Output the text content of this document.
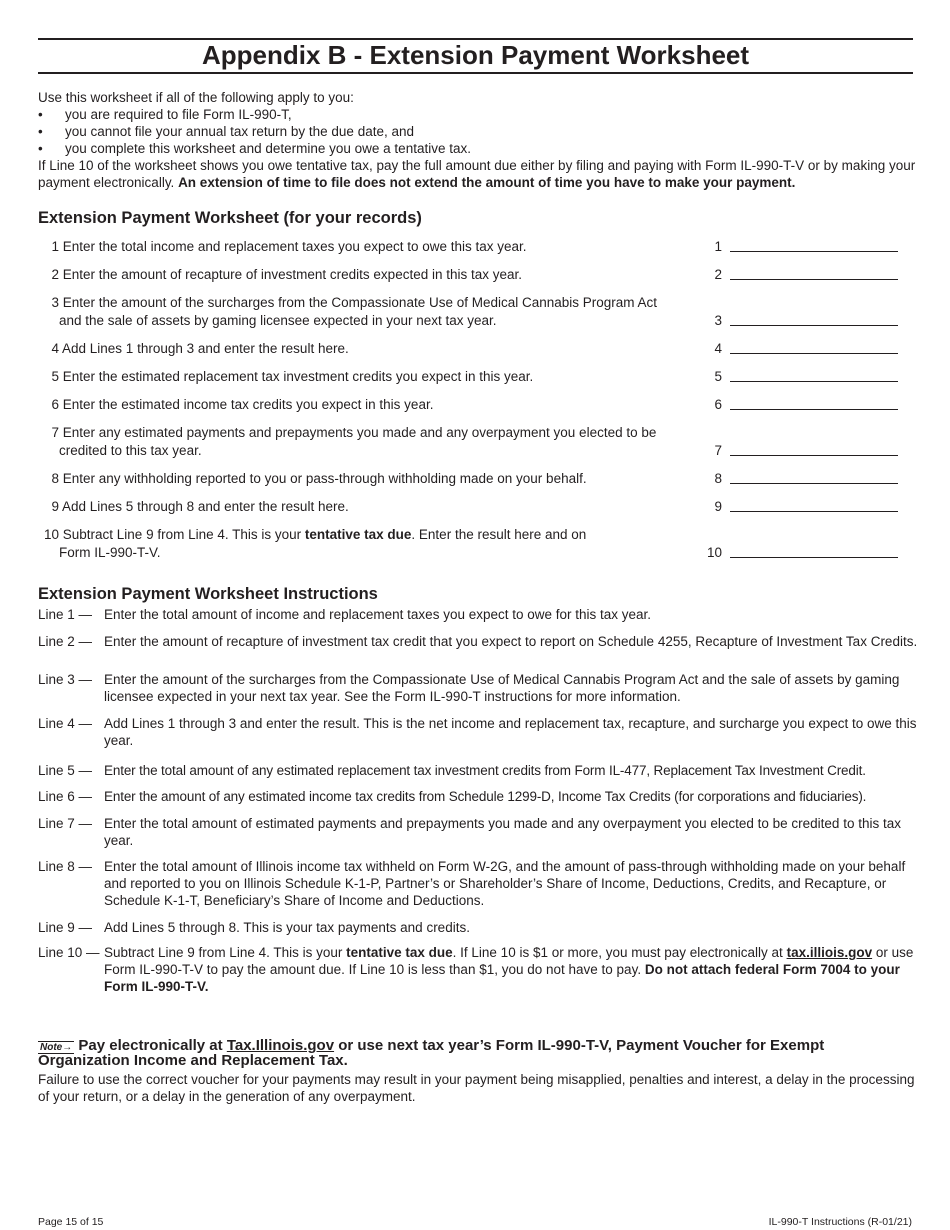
Appendix B - Extension Payment Worksheet

Use this worksheet if all of the following apply to you:

•	you are required to file Form IL-990-T,
•	you cannot file your annual tax return by the due date, and
•	you complete this worksheet and determine you owe a tentative tax.

If Line 10 of the worksheet shows you owe tentative tax, pay the full amount due either by filing and paying with Form IL-990-T-V or by making your payment electronically. An extension of time to file does not extend the amount of time you have to make your payment.

Extension Payment Worksheet (for your records)
1 Enter the total income and replacement taxes you expect to owe this tax year.	1
2 Enter the amount of recapture of investment credits expected in this tax year.	2
3 Enter the amount of the surcharges from the Compassionate Use of Medical Cannabis Program Act
and the sale of assets by gaming licensee expected in your next tax year.	3
4 Add Lines 1 through 3 and enter the result here.	4
5 Enter the estimated replacement tax investment credits you expect in this year.	5
6 Enter the estimated income tax credits you expect in this year.	6
7 Enter any estimated payments and prepayments you made and any overpayment you elected to be
credited to this tax year.	7
8 Enter any withholding reported to you or pass-through withholding made on your behalf.	8
9 Add Lines 5 through 8 and enter the result here.	9
10 Subtract Line 9 from Line 4. This is your tentative tax due. Enter the result here and on
Form IL-990-T-V.	10
Extension Payment Worksheet Instructions
Line 1 — Enter the total amount of income and replacement taxes you expect to owe for this tax year.
Line 2 — Enter the amount of recapture of investment tax credit that you expect to report on Schedule 4255, Recapture of Investment Tax Credits.
Line 3 — Enter the amount of the surcharges from the Compassionate Use of Medical Cannabis Program Act and the sale of assets by gaming licensee expected in your next tax year. See the Form IL-990-T instructions for more information.
Line 4 — Add Lines 1 through 3 and enter the result. This is the net income and replacement tax, recapture, and surcharge you expect to owe this year.
Line 5 — Enter the total amount of any estimated replacement tax investment credits from Form IL-477, Replacement Tax Investment Credit.
Line 6 — Enter the amount of any estimated income tax credits from Schedule 1299-D, Income Tax Credits (for corporations and fiduciaries).
Line 7 — Enter the total amount of estimated payments and prepayments you made and any overpayment you elected to be credited to this tax year.
Line 8 — Enter the total amount of Illinois income tax withheld on Form W-2G, and the amount of pass-through withholding made on your behalf and reported to you on Illinois Schedule K-1-P, Partner’s or Shareholder’s Share of Income, Deductions, Credits, and Recapture, or Schedule K-1-T, Beneficiary’s Share of Income and Deductions.
Line 9 — Add Lines 5 through 8. This is your tax payments and credits.
Line 10 — Subtract Line 9 from Line 4. This is your tentative tax due. If Line 10 is $1 or more, you must pay electronically at tax.illiois.gov or use Form IL-990-T-V to pay the amount due. If Line 10 is less than $1, you do not have to pay. Do not attach federal Form 7004 to your Form IL-990-T-V.
Note→ Pay electronically at Tax.Illinois.gov or use next tax year’s Form IL-990-T-V, Payment Voucher for Exempt Organization Income and Replacement Tax.
Failure to use the correct voucher for your payments may result in your payment being misapplied, penalties and interest, a delay in the processing of your return, or a delay in the generation of any overpayment.
Page 15 of 15	IL-990-T Instructions (R-01/21)
